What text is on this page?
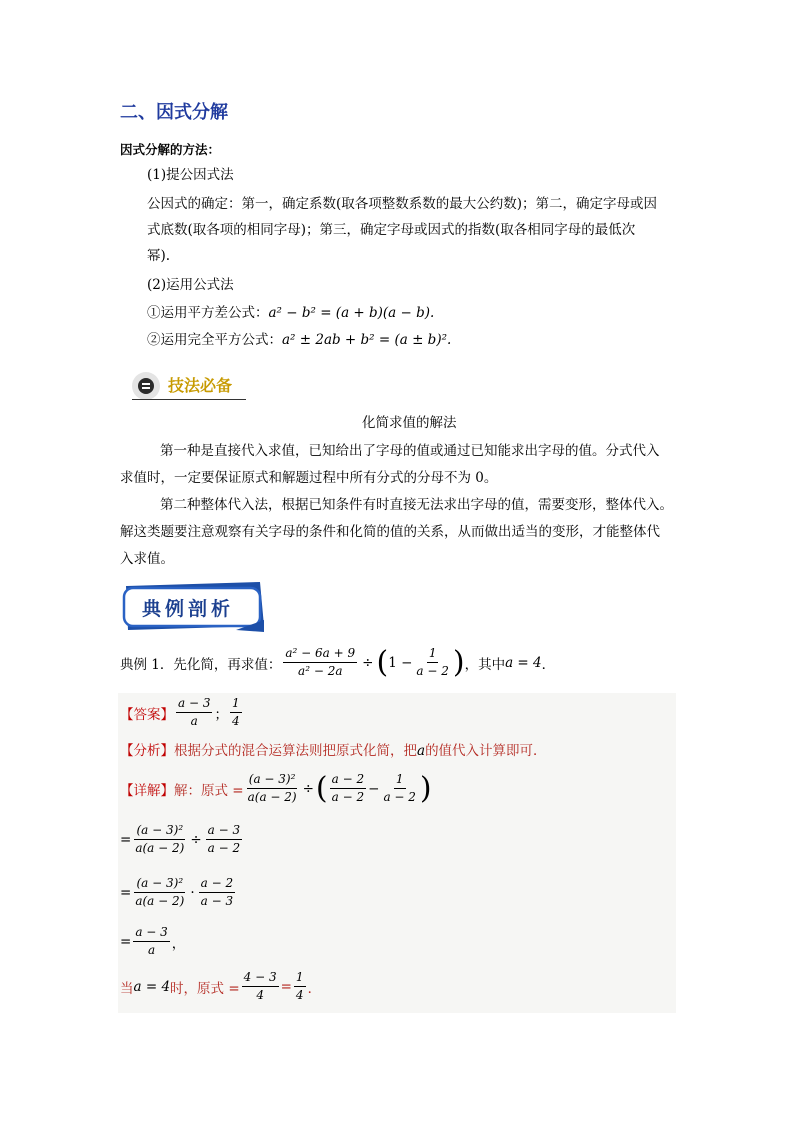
二、因式分解
因式分解的方法：
(1)提公因式法
公因式的确定：第一，确定系数(取各项整数系数的最大公约数)；第二，确定字母或因
式底数(取各项的相同字母)；第三，确定字母或因式的指数(取各相同字母的最低次
幂).
(2)运用公式法
①运用平方差公式：a² − b² = (a + b)(a − b).
②运用完全平方公式：a² ± 2ab + b² = (a ± b)².
技法必备
化简求值的解法
第一种是直接代入求值，已知给出了字母的值或通过已知能求出字母的值。分式代入
求值时，一定要保证原式和解题过程中所有分式的分母不为 0。
第二种整体代入法，根据已知条件有时直接无法求出字母的值，需要变形，整体代入。
解这类题要注意观察有关字母的条件和化简的值的关系，从而做出适当的变形，才能整体代
入求值。
典例剖析
典例 1．先化简，再求值： $\frac{\text{a² − 6a + 9}}{\text{a² − 2a}}$ ÷ ( $1 - \frac{1}{a - 2}$ ) ，其中 a = 4 ．
【答案】 $\frac{a - 3}{a}$ ； $\frac{1}{4}$
【分析】根据分式的混合运算法则把原式化简，把a的值代入计算即可．
【详解】 解：原式 = $\frac{\text{(a − 3)²}}{a(a - 2)}$ ÷ ( $\frac{a - 2}{a - 2} - \frac{1}{a - 2}$ )
= $\frac{\text{(a − 3)²}}{a(a - 2)} \div \frac{a - 3}{a - 2}$
= $\frac{\text{(a − 3)²}}{a(a - 2)} \cdot \frac{a - 2}{a - 3}$
= $\frac{a - 3}{a}$ ，
当 a = 4 时，原式 = $\frac{4 - 3}{4} = \frac{1}{4}$ ．
